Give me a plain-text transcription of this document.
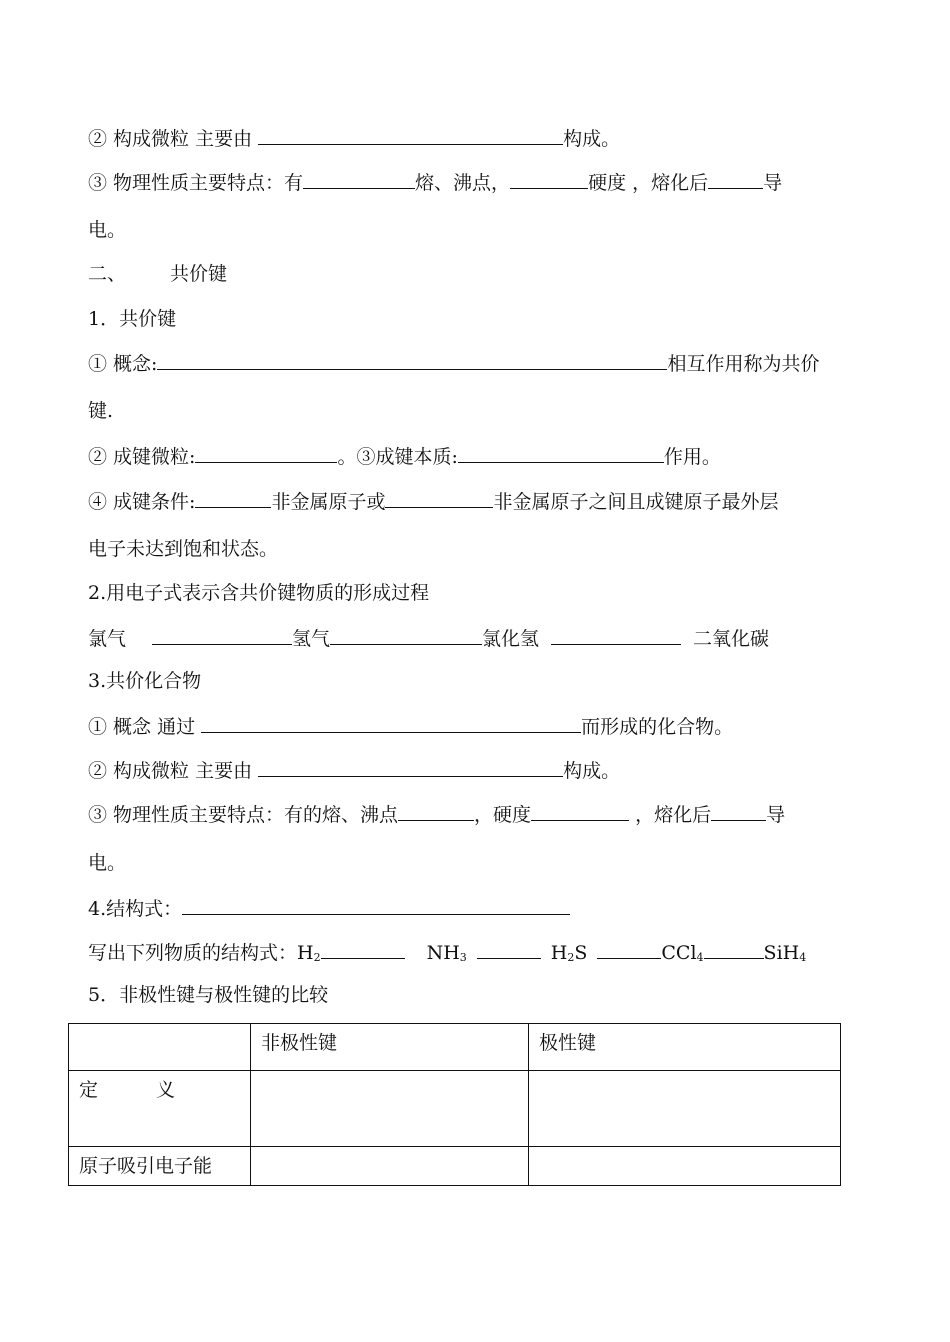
② 构成微粒 主要由	构成。
③ 物理性质主要特点：有	熔、沸点，	硬度 ，熔化后	导
电。
二、 共价键
1．共价键
① 概念:	相互作用称为共价
键.
② 成键微粒:	。③成键本质:	作用。
④ 成键条件:	非金属原子或	非金属原子之间且成键原子最外层
电子未达到饱和状态。
2.用电子式表示含共价键物质的形成过程
氯气	氢气	氯化氢	二氧化碳
3.共价化合物
① 概念 通过	而形成的化合物。
② 构成微粒 主要由	构成。
③ 物理性质主要特点：有的熔、沸点	，硬度	，熔化后	导
电。
4.结构式：
写出下列物质的结构式：$H_2$	$NH_3$	$H_2S$	CCl$_4$	SiH$_4$
5．非极性键与极性键的比较
	非极性键	极性键
定 义		
原子吸引电子能		
